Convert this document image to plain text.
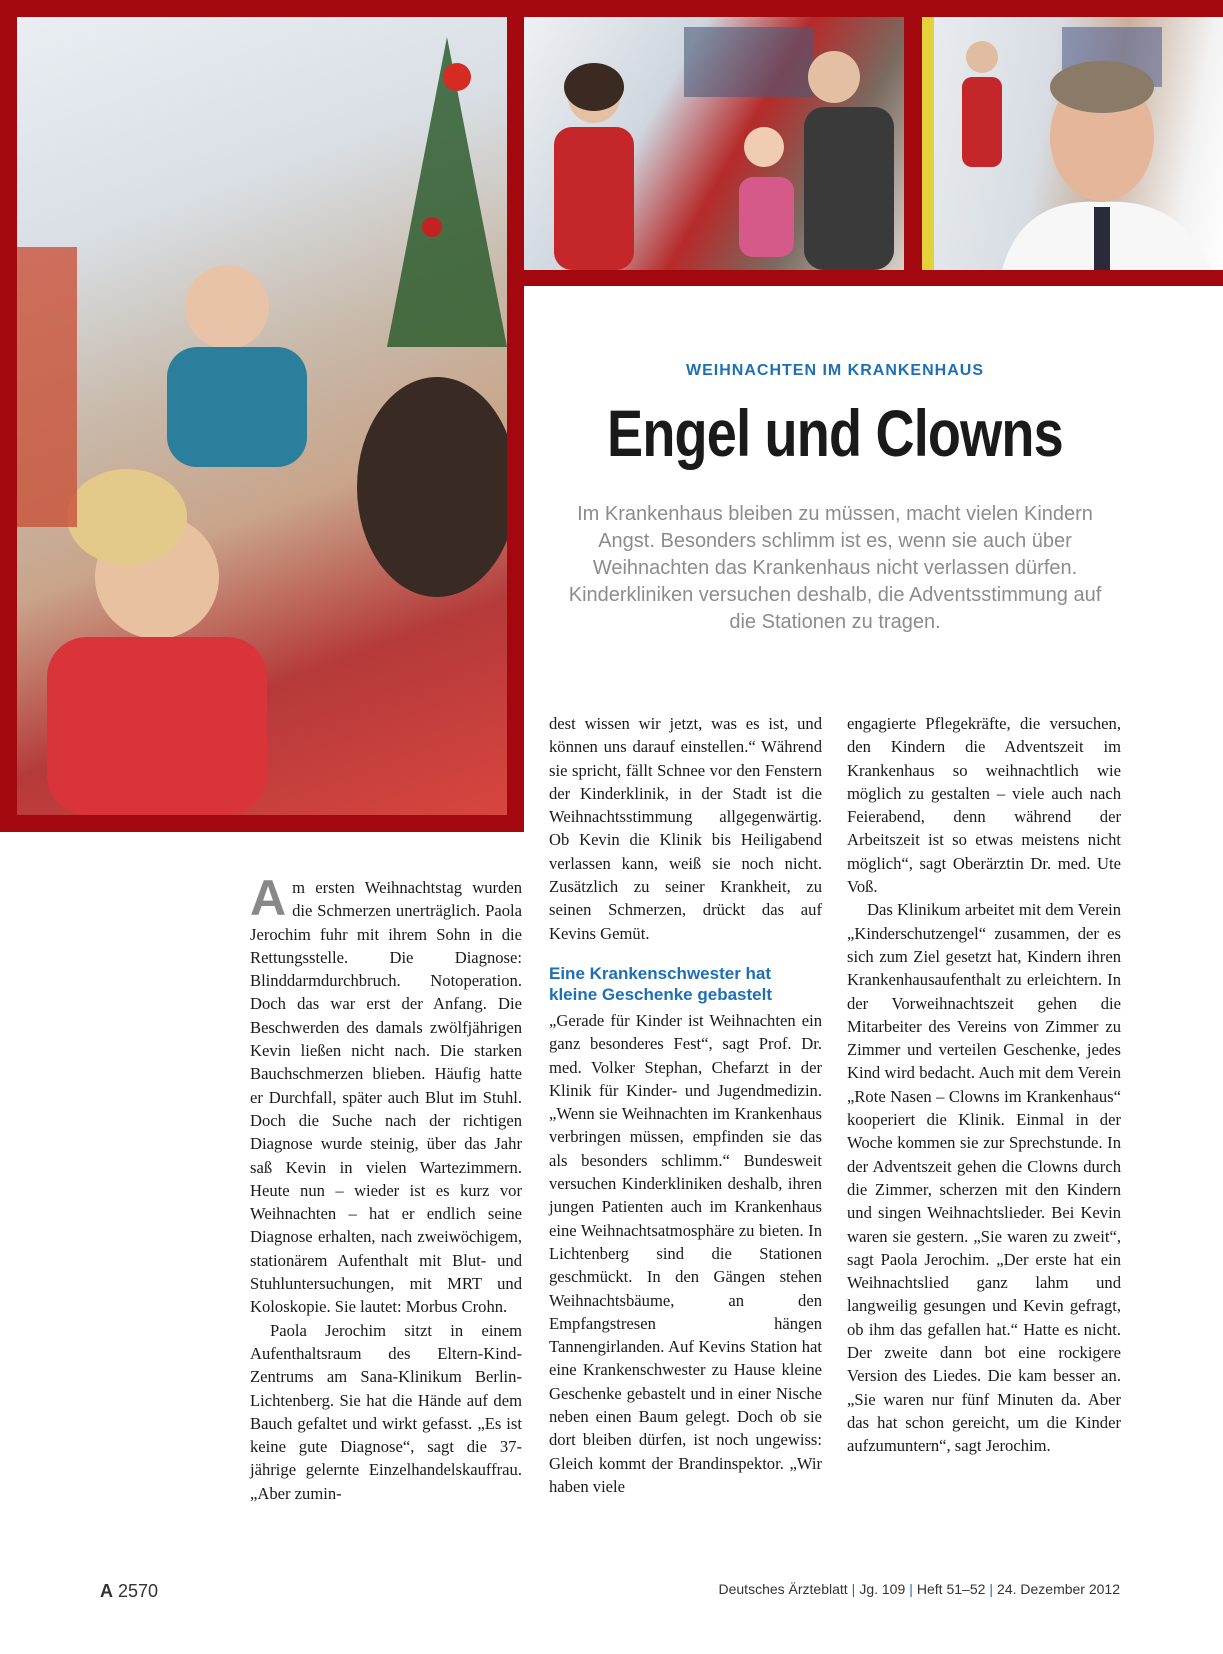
WEIHNACHTEN IM KRANKENHAUS
Engel und Clowns
Im Krankenhaus bleiben zu müssen, macht vielen Kindern Angst. Besonders schlimm ist es, wenn sie auch über Weihnachten das Krankenhaus nicht verlassen dürfen. Kinderkliniken versuchen deshalb, die Adventsstimmung auf die Stationen zu tragen.

Am ersten Weihnachtstag wurden die Schmerzen unerträglich. Paola Jerochim fuhr mit ihrem Sohn in die Rettungsstelle. Die Diagnose: Blinddarmdurchbruch. Notoperation. Doch das war erst der Anfang. Die Beschwerden des damals zwölfjährigen Kevin ließen nicht nach. Die starken Bauchschmerzen blieben. Häufig hatte er Durchfall, später auch Blut im Stuhl. Doch die Suche nach der richtigen Diagnose wurde steinig, über das Jahr saß Kevin in vielen Wartezimmern. Heute nun – wieder ist es kurz vor Weihnachten – hat er endlich seine Diagnose erhalten, nach zweiwöchigem, stationärem Aufenthalt mit Blut- und Stuhluntersuchungen, mit MRT und Koloskopie. Sie lautet: Morbus Crohn.

Paola Jerochim sitzt in einem Aufenthaltsraum des Eltern-Kind-Zentrums am Sana-Klinikum Berlin-Lichtenberg. Sie hat die Hände auf dem Bauch gefaltet und wirkt gefasst. „Es ist keine gute Diagnose“, sagt die 37-jährige gelernte Einzelhandelskauffrau. „Aber zumin-

dest wissen wir jetzt, was es ist, und können uns darauf einstellen.“ Während sie spricht, fällt Schnee vor den Fenstern der Kinderklinik, in der Stadt ist die Weihnachtsstimmung allgegenwärtig. Ob Kevin die Klinik bis Heiligabend verlassen kann, weiß sie noch nicht. Zusätzlich zu seiner Krankheit, zu seinen Schmerzen, drückt das auf Kevins Gemüt.

Eine Krankenschwester hat kleine Geschenke gebastelt

„Gerade für Kinder ist Weihnachten ein ganz besonderes Fest“, sagt Prof. Dr. med. Volker Stephan, Chefarzt in der Klinik für Kinder- und Jugendmedizin. „Wenn sie Weihnachten im Krankenhaus verbringen müssen, empfinden sie das als besonders schlimm.“ Bundesweit versuchen Kinderkliniken deshalb, ihren jungen Patienten auch im Krankenhaus eine Weihnachtsatmosphäre zu bieten. In Lichtenberg sind die Stationen geschmückt. In den Gängen stehen Weihnachtsbäume, an den Empfangstresen hängen Tannengirlanden. Auf Kevins Station hat eine Krankenschwester zu Hause kleine Geschenke gebastelt und in einer Nische neben einen Baum gelegt. Doch ob sie dort bleiben dürfen, ist noch ungewiss: Gleich kommt der Brandinspektor. „Wir haben viele

engagierte Pflegekräfte, die versuchen, den Kindern die Adventszeit im Krankenhaus so weihnachtlich wie möglich zu gestalten – viele auch nach Feierabend, denn während der Arbeitszeit ist so etwas meistens nicht möglich“, sagt Oberärztin Dr. med. Ute Voß.

Das Klinikum arbeitet mit dem Verein „Kinderschutzengel“ zusammen, der es sich zum Ziel gesetzt hat, Kindern ihren Krankenhausaufenthalt zu erleichtern. In der Vorweihnachtszeit gehen die Mitarbeiter des Vereins von Zimmer zu Zimmer und verteilen Geschenke, jedes Kind wird bedacht. Auch mit dem Verein „Rote Nasen – Clowns im Krankenhaus“ kooperiert die Klinik. Einmal in der Woche kommen sie zur Sprechstunde. In der Adventszeit gehen die Clowns durch die Zimmer, scherzen mit den Kindern und singen Weihnachtslieder. Bei Kevin waren sie gestern. „Sie waren zu zweit“, sagt Paola Jerochim. „Der erste hat ein Weihnachtslied ganz lahm und langweilig gesungen und Kevin gefragt, ob ihm das gefallen hat.“ Hatte es nicht. Der zweite dann bot eine rockigere Version des Liedes. Die kam besser an. „Sie waren nur fünf Minuten da. Aber das hat schon gereicht, um die Kinder aufzumuntern“, sagt Jerochim.

A 2570	Deutsches Ärzteblatt | Jg. 109 | Heft 51–52 | 24. Dezember 2012
